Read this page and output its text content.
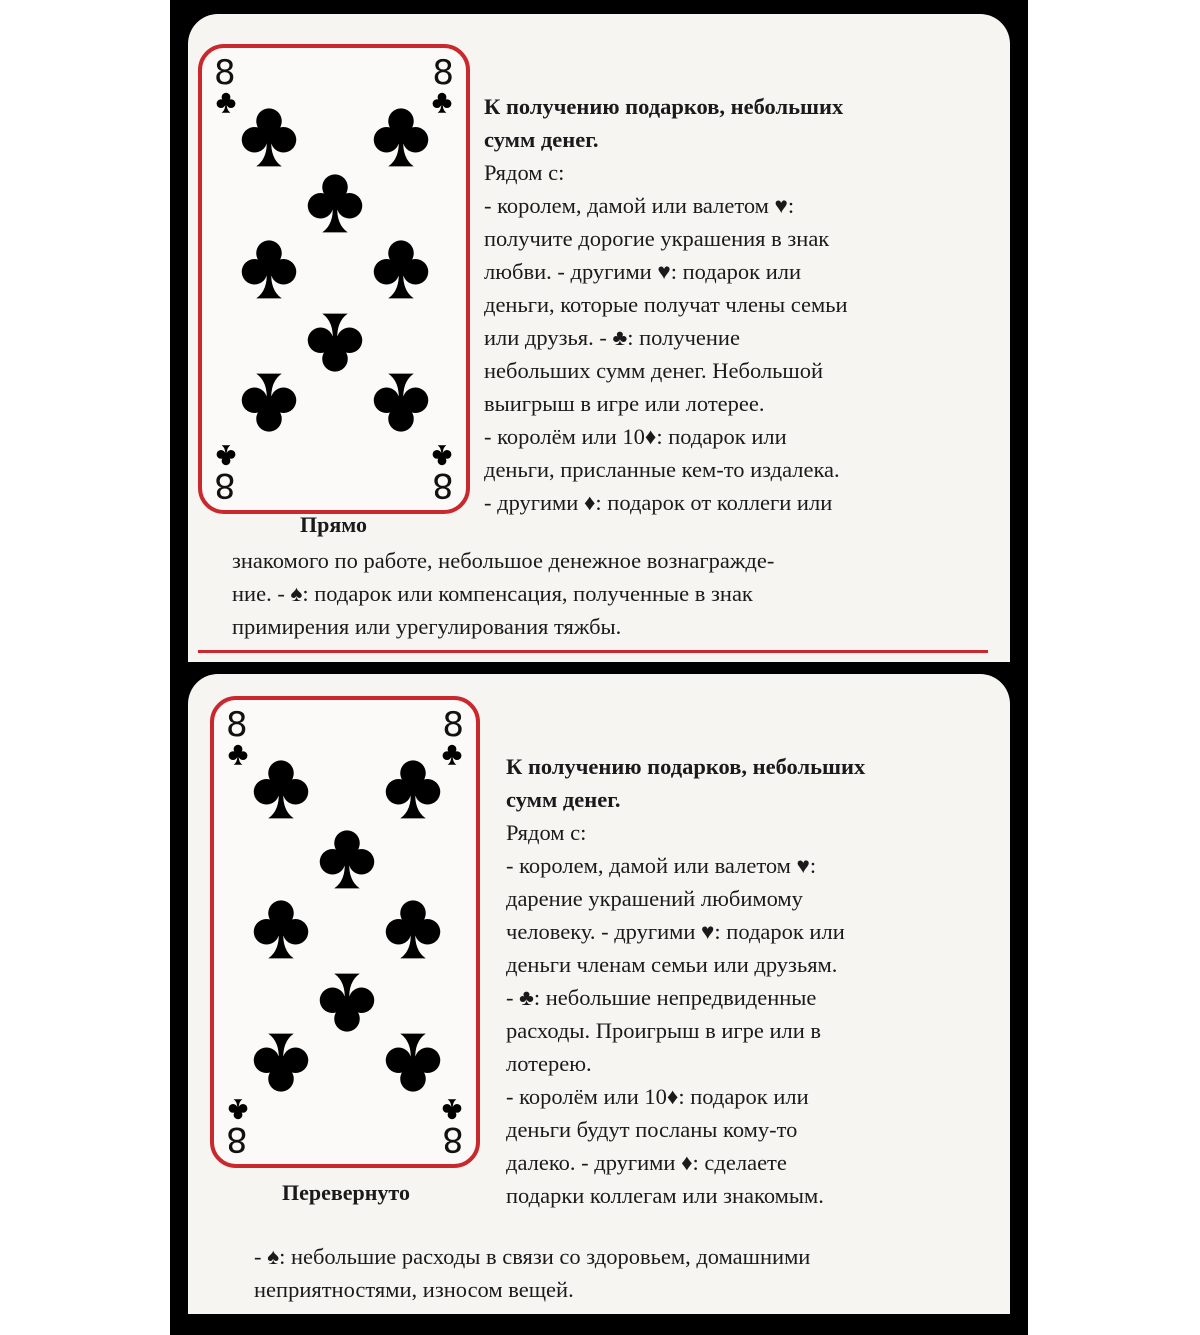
8	8
8	8
Прямо
К получению подарков, небольших
сумм денег.
Рядом с:
- королем, дамой или валетом ♥:
получите дорогие украшения в знак
любви. - другими ♥: подарок или
деньги, которые получат члены семьи
или друзья. - ♣: получение
небольших сумм денег. Небольшой
выигрыш в игре или лотерее.
- королём или 10♦: подарок или
деньги, присланные кем-то издалека.
- другими ♦: подарок от коллеги или
знакомого по работе, небольшое денежное вознагражде-
ние. - ♠: подарок или компенсация, полученные в знак
примирения или урегулирования тяжбы.
8	8
8	8
Перевернуто
К получению подарков, небольших
сумм денег.
Рядом с:
- королем, дамой или валетом ♥:
дарение украшений любимому
человеку. - другими ♥: подарок или
деньги членам семьи или друзьям.
- ♣: небольшие непредвиденные
расходы. Проигрыш в игре или в
лотерею.
- королём или 10♦: подарок или
деньги будут посланы кому-то
далеко. - другими ♦: сделаете
подарки коллегам или знакомым.
- ♠: небольшие расходы в связи со здоровьем, домашними
неприятностями, износом вещей.
